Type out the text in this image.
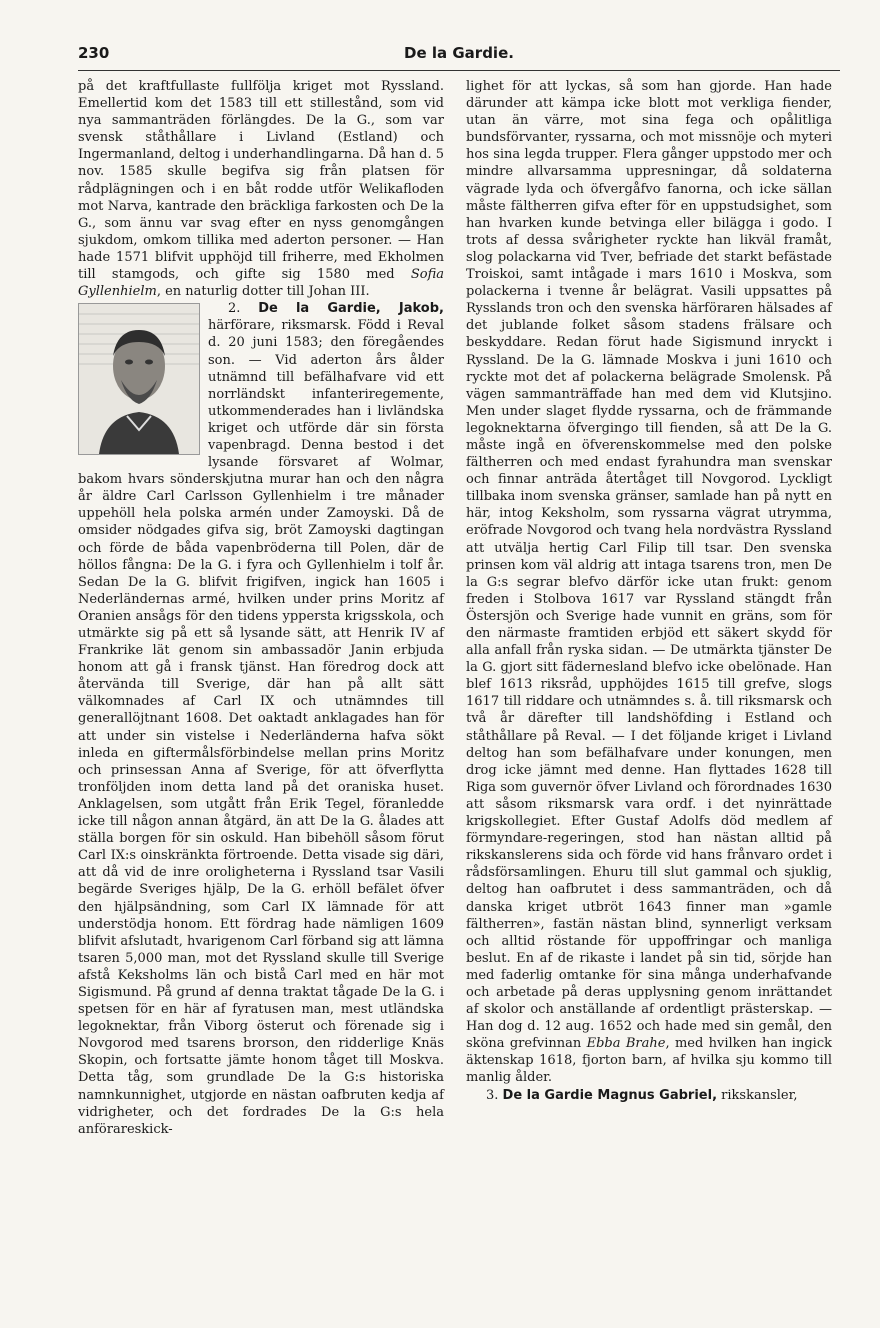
230	De la Gardie.

på det kraftfullaste fullfölja kriget mot Ryssland. Emellertid kom det 1583 till ett stillestånd, som vid nya sammanträden förlängdes. De la G., som var svensk ståthållare i Livland (Estland) och Ingermanland, deltog i underhandlingarna. Då han d. 5 nov. 1585 skulle begifva sig från platsen för rådplägningen och i en båt rodde utför Welikafloden mot Narva, kantrade den bräckliga farkosten och De la G., som ännu var svag efter en nyss genomgången sjukdom, omkom tillika med aderton personer. — Han hade 1571 blifvit upphöjd till friherre, med Ekholmen till stamgods, och gifte sig 1580 med Sofia Gyllenhielm, en naturlig dotter till Johan III.

2. De la Gardie, Jakob,
härförare, riksmarsk. Född i Reval d. 20 juni 1583; den föregåendes son. — Vid aderton års ålder utnämnd till befälhafvare vid ett norrländskt infanteriregemente, utkommenderades han i livländska kriget och utförde där sin första vapenbragd. Denna bestod i det lysande försvaret af Wolmar, bakom hvars sönderskjutna murar han och den några år äldre Carl Carlsson Gyllenhielm i tre månader uppehöll hela polska armén under Zamoyski. Då de omsider nödgades gifva sig, bröt Zamoyski dagtingan och förde de båda vapenbröderna till Polen, där de höllos fångna: De la G. i fyra och Gyllenhielm i tolf år. Sedan De la G. blifvit frigifven, ingick han 1605 i Nederländernas armé, hvilken under prins Moritz af Oranien ansågs för den tidens yppersta krigsskola, och utmärkte sig på ett så lysande sätt, att Henrik IV af Frankrike lät genom sin ambassadör Janin erbjuda honom att gå i fransk tjänst. Han föredrog dock att återvända till Sverige, där han på allt sätt välkomnades af Carl IX och utnämndes till generallöjtnant 1608. Det oaktadt anklagades han för att under sin vistelse i Nederländerna hafva sökt inleda en giftermålsförbindelse mellan prins Moritz och prinsessan Anna af Sverige, för att öfverflytta tronföljden inom detta land på det oraniska huset. Anklagelsen, som utgått från Erik Tegel, föranledde icke till någon annan åtgärd, än att De la G. ålades att ställa borgen för sin oskuld. Han bibehöll såsom förut Carl IX:s oinskränkta förtroende. Detta visade sig däri, att då vid de inre oroligheterna i Ryssland tsar Vasili begärde Sveriges hjälp, De la G. erhöll befälet öfver den hjälpsändning, som Carl IX lämnade för att understödja honom. Ett fördrag hade nämligen 1609 blifvit afslutadt, hvarigenom Carl förband sig att lämna tsaren 5,000 man, mot det Ryssland skulle till Sverige afstå Keksholms län och bistå Carl med en här mot Sigismund. På grund af denna traktat tågade De la G. i spetsen för en här af fyratusen man, mest utländska legoknektar, från Viborg österut och förenade sig i Novgorod med tsarens brorson, den ridderlige Knäs Skopin, och fortsatte jämte honom tåget till Moskva. Detta tåg, som grundlade De la G:s historiska namnkunnighet, utgjorde en nästan oafbruten kedja af vidrigheter, och det fordrades De la G:s hela anförareskick-

lighet för att lyckas, så som han gjorde. Han hade därunder att kämpa icke blott mot verkliga fiender, utan än värre, mot sina fega och opålitliga bundsförvanter, ryssarna, och mot missnöje och myteri hos sina legda trupper. Flera gånger uppstodo mer och mindre allvarsamma uppresningar, då soldaterna vägrade lyda och öfvergåfvo fanorna, och icke sällan måste fältherren gifva efter för en uppstudsighet, som han hvarken kunde betvinga eller bilägga i godo. I trots af dessa svårigheter ryckte han likväl framåt, slog polackarna vid Tver, befriade det starkt befästade Troiskoi, samt intågade i mars 1610 i Moskva, som polackerna i tvenne år belägrat. Vasili uppsattes på Rysslands tron och den svenska härföraren hälsades af det jublande folket såsom stadens frälsare och beskyddare. Redan förut hade Sigismund inryckt i Ryssland. De la G. lämnade Moskva i juni 1610 och ryckte mot det af polackerna belägrade Smolensk. På vägen sammanträffade han med dem vid Klutsjino. Men under slaget flydde ryssarna, och de främmande legoknektarna öfvergingo till fienden, så att De la G. måste ingå en öfverenskommelse med den polske fältherren och med endast fyrahundra man svenskar och finnar anträda återtåget till Novgorod. Lyckligt tillbaka inom svenska gränser, samlade han på nytt en här, intog Keksholm, som ryssarna vägrat utrymma, eröfrade Novgorod och tvang hela nordvästra Ryssland att utvälja hertig Carl Filip till tsar. Den svenska prinsen kom väl aldrig att intaga tsarens tron, men De la G:s segrar blefvo därför icke utan frukt: genom freden i Stolbova 1617 var Ryssland stängdt från Östersjön och Sverige hade vunnit en gräns, som för den närmaste framtiden erbjöd ett säkert skydd för alla anfall från ryska sidan. — De utmärkta tjänster De la G. gjort sitt fädernesland blefvo icke obelönade. Han blef 1613 riksråd, upphöjdes 1615 till grefve, slogs 1617 till riddare och utnämndes s. å. till riksmarsk och två år därefter till landshöfding i Estland och ståthållare på Reval. — I det följande kriget i Livland deltog han som befälhafvare under konungen, men drog icke jämnt med denne. Han flyttades 1628 till Riga som guvernör öfver Livland och förordnades 1630 att såsom riksmarsk vara ordf. i det nyinrättade krigskollegiet. Efter Gustaf Adolfs död medlem af förmyndare-regeringen, stod han nästan alltid på rikskanslerens sida och förde vid hans frånvaro ordet i rådsförsamlingen. Ehuru till slut gammal och sjuklig, deltog han oafbrutet i dess sammanträden, och då danska kriget utbröt 1643 finner man »gamle fältherren», fastän nästan blind, synnerligt verksam och alltid röstande för uppoffringar och manliga beslut. En af de rikaste i landet på sin tid, sörjde han med faderlig omtanke för sina många underhafvande och arbetade på deras upplysning genom inrättandet af skolor och anställande af ordentligt prästerskap. — Han dog d. 12 aug. 1652 och hade med sin gemål, den sköna grefvinnan Ebba Brahe, med hvilken han ingick äktenskap 1618, fjorton barn, af hvilka sju kommo till manlig ålder.

3. De la Gardie Magnus Gabriel, rikskansler,
